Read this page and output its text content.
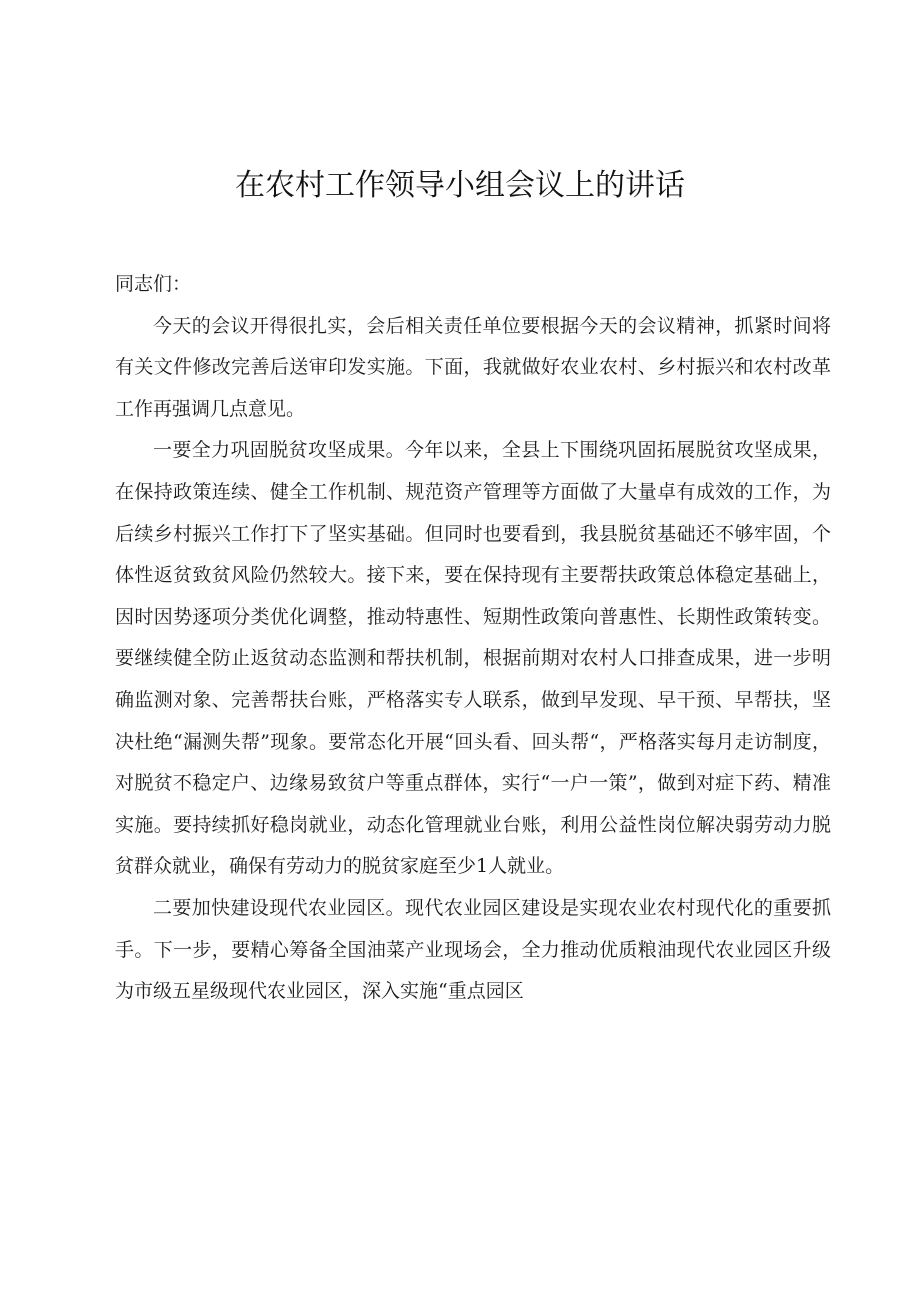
在农村工作领导小组会议上的讲话

同志们：

今天的会议开得很扎实，会后相关责任单位要根据今天的会议精神，抓紧时间将有关文件修改完善后送审印发实施。下面，我就做好农业农村、乡村振兴和农村改革工作再强调几点意见。

一要全力巩固脱贫攻坚成果。今年以来，全县上下围绕巩固拓展脱贫攻坚成果，在保持政策连续、健全工作机制、规范资产管理等方面做了大量卓有成效的工作，为后续乡村振兴工作打下了坚实基础。但同时也要看到，我县脱贫基础还不够牢固，个体性返贫致贫风险仍然较大。接下来，要在保持现有主要帮扶政策总体稳定基础上，因时因势逐项分类优化调整，推动特惠性、短期性政策向普惠性、长期性政策转变。要继续健全防止返贫动态监测和帮扶机制，根据前期对农村人口排查成果，进一步明确监测对象、完善帮扶台账，严格落实专人联系，做到早发现、早干预、早帮扶，坚决杜绝“漏测失帮”现象。要常态化开展“回头看、回头帮“，严格落实每月走访制度，对脱贫不稳定户、边缘易致贫户等重点群体，实行“一户一策”，做到对症下药、精准实施。要持续抓好稳岗就业，动态化管理就业台账，利用公益性岗位解决弱劳动力脱贫群众就业，确保有劳动力的脱贫家庭至少1人就业。

二要加快建设现代农业园区。现代农业园区建设是实现农业农村现代化的重要抓手。下一步，要精心筹备全国油菜产业现场会，全力推动优质粮油现代农业园区升级为市级五星级现代农业园区，深入实施“重点园区
